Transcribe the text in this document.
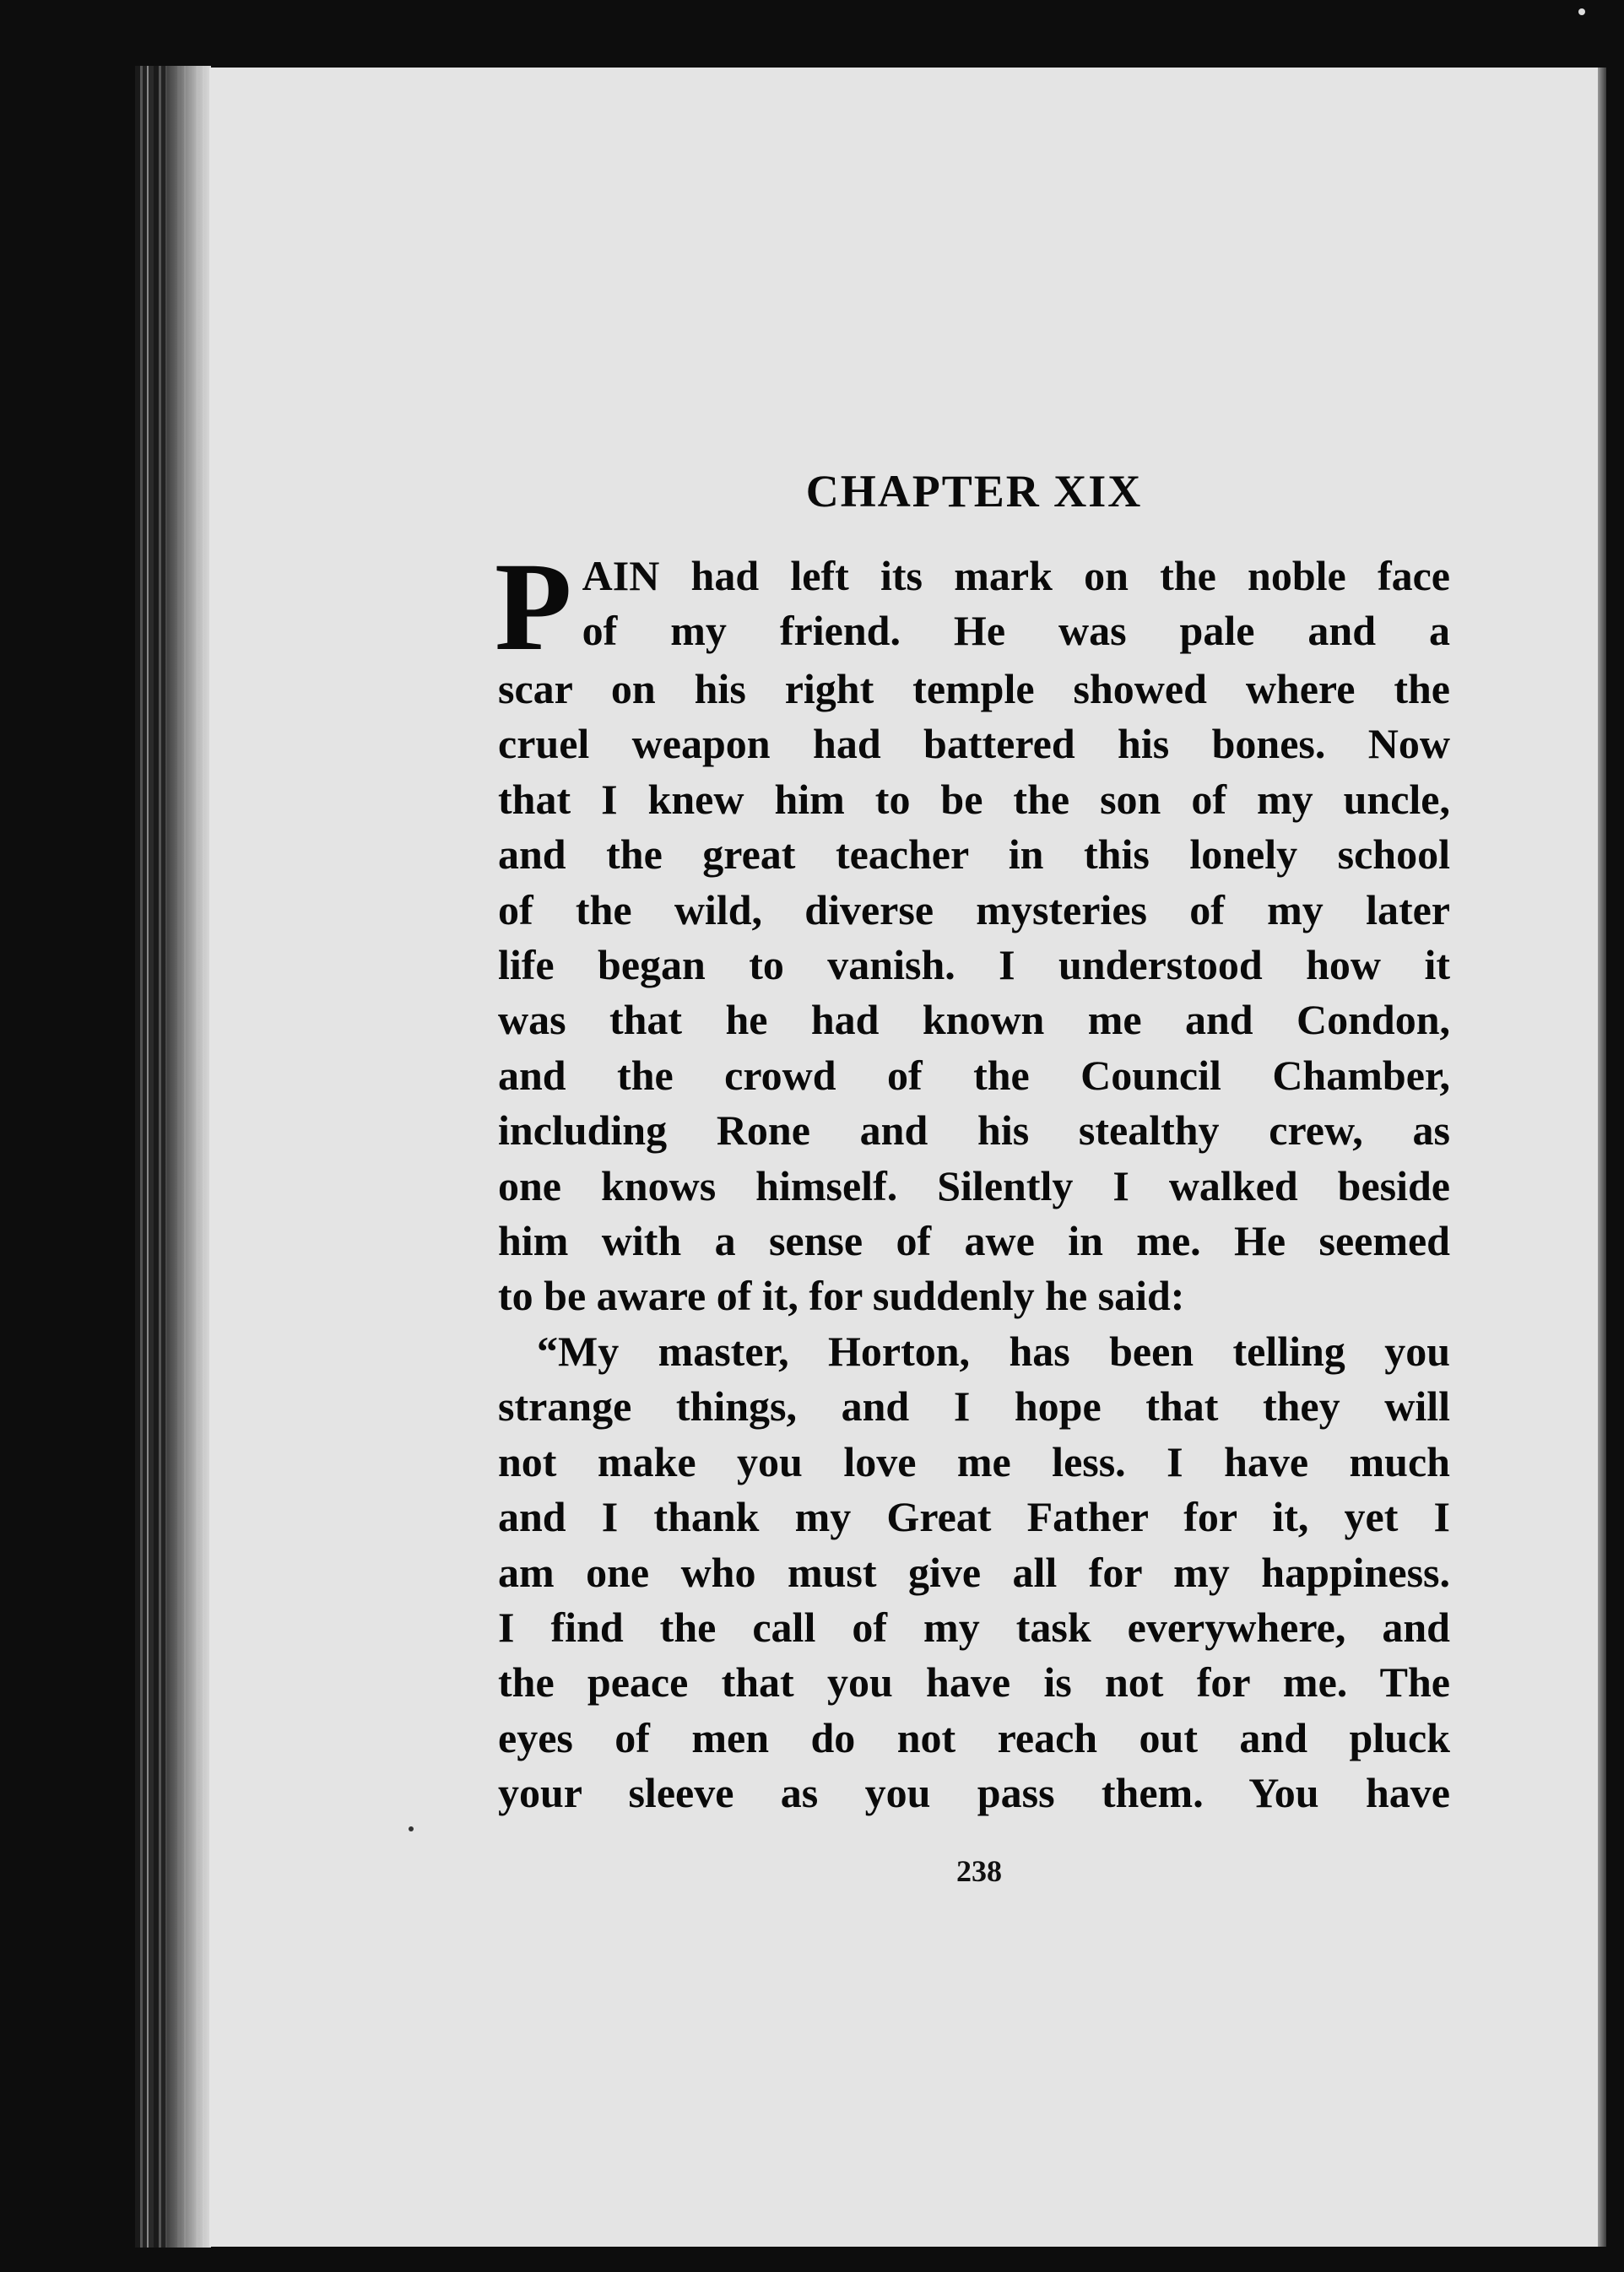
CHAPTER XIX
P AIN had left its mark on the noble face
of my friend. He was pale and a
scar on his right temple showed where the
cruel weapon had battered his bones. Now
that I knew him to be the son of my uncle,
and the great teacher in this lonely school
of the wild, diverse mysteries of my later
life began to vanish. I understood how it
was that he had known me and Condon,
and the crowd of the Council Chamber,
including Rone and his stealthy crew, as
one knows himself. Silently I walked beside
him with a sense of awe in me. He seemed
to be aware of it, for suddenly he said:
“My master, Horton, has been telling you
strange things, and I hope that they will
not make you love me less. I have much
and I thank my Great Father for it, yet I
am one who must give all for my happiness.
I find the call of my task everywhere, and
the peace that you have is not for me. The
eyes of men do not reach out and pluck
your sleeve as you pass them. You have
238
